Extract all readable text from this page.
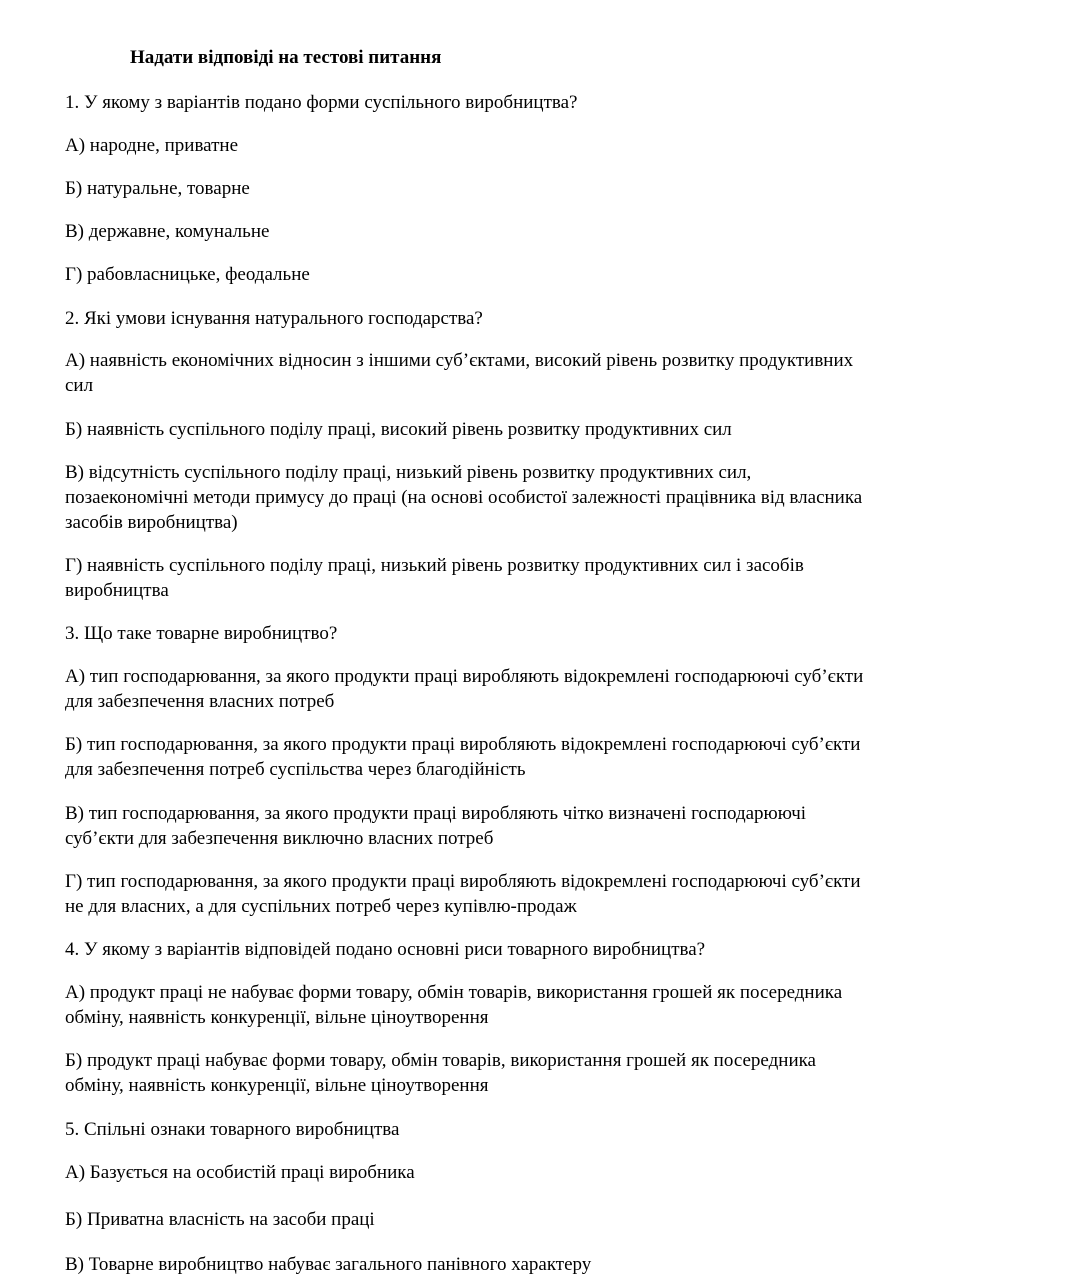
Надати відповіді на тестові питання

1. У якому з варіантів подано форми суспільного виробництва?

А) народне, приватне

Б) натуральне, товарне

В) державне, комунальне

Г) рабовласницьке, феодальне

2. Які умови існування натурального господарства?

А) наявність економічних відносин з іншими суб’єктами, високий рівень розвитку продуктивних

сил

Б) наявність суспільного поділу праці, високий рівень розвитку продуктивних сил

В) відсутність суспільного поділу праці, низький рівень розвитку продуктивних сил,

позаекономічні методи примусу до праці (на основі особистої залежності працівника від власника

засобів виробництва)

Г) наявність суспільного поділу праці, низький рівень розвитку продуктивних сил і засобів

виробництва

3. Що таке товарне виробництво?

А) тип господарювання, за якого продукти праці виробляють відокремлені господарюючі суб’єкти

для забезпечення власних потреб

Б) тип господарювання, за якого продукти праці виробляють відокремлені господарюючі суб’єкти

для забезпечення потреб суспільства через благодійність

В) тип господарювання, за якого продукти праці виробляють чітко визначені господарюючі

суб’єкти для забезпечення виключно власних потреб

Г) тип господарювання, за якого продукти праці виробляють відокремлені господарюючі суб’єкти

не для власних, а для суспільних потреб через купівлю-продаж

4. У якому з варіантів відповідей подано основні риси товарного виробництва?

А) продукт праці не набуває форми товару, обмін товарів, використання грошей як посередника

обміну, наявність конкуренції, вільне ціноутворення

Б) продукт праці набуває форми товару, обмін товарів, використання грошей як посередника

обміну, наявність конкуренції, вільне ціноутворення

5. Спільні ознаки товарного виробництва

А) Базується на особистій праці виробника

Б) Приватна власність на засоби праці

В) Товарне виробництво набуває загального панівного характеру
